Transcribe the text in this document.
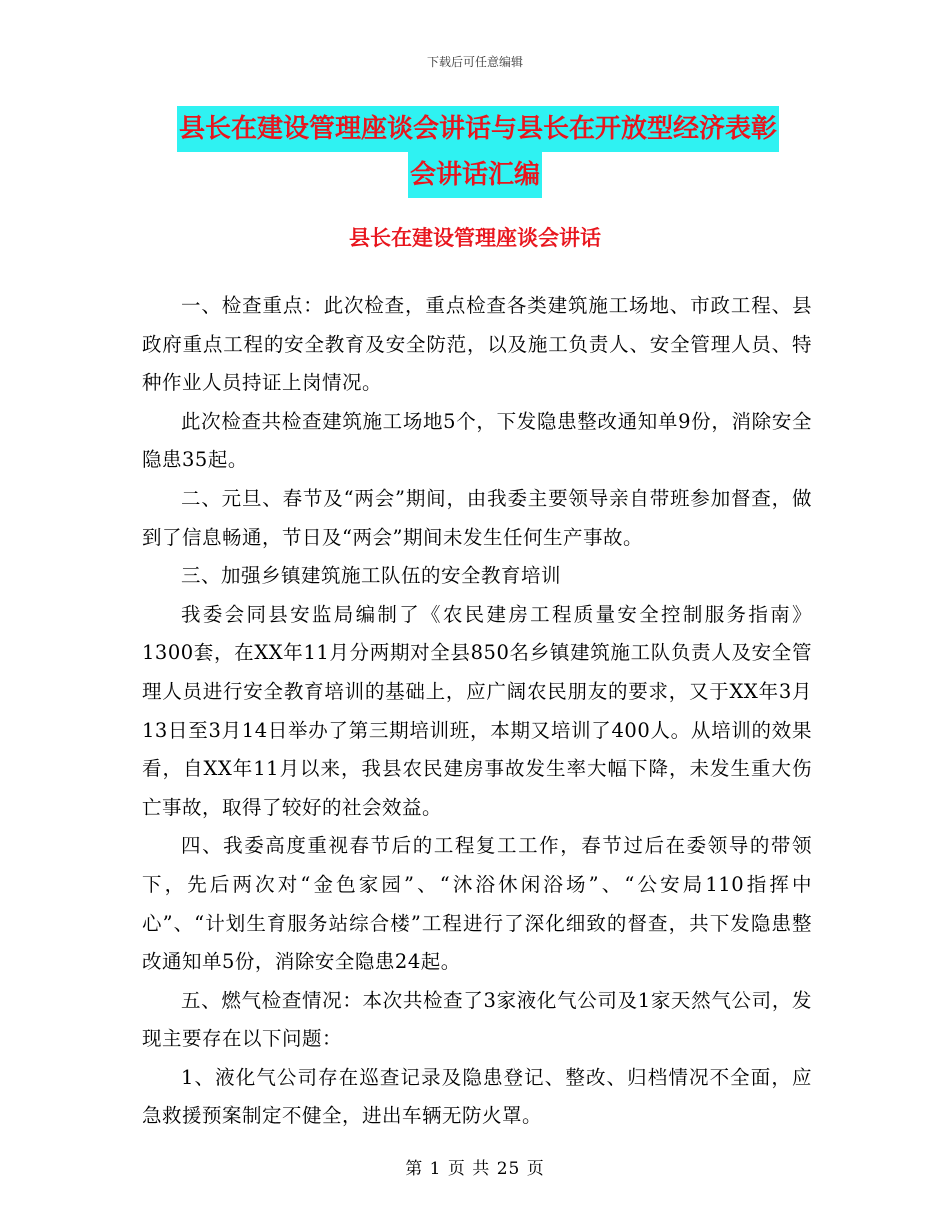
下载后可任意编辑
县长在建设管理座谈会讲话与县长在开放型经济表彰
会讲话汇编
县长在建设管理座谈会讲话

一、检查重点：此次检查，重点检查各类建筑施工场地、市政工程、县政府重点工程的安全教育及安全防范，以及施工负责人、安全管理人员、特种作业人员持证上岗情况。

此次检查共检查建筑施工场地5个，下发隐患整改通知单9份，消除安全隐患35起。

二、元旦、春节及“两会”期间，由我委主要领导亲自带班参加督查，做到了信息畅通，节日及“两会”期间未发生任何生产事故。

三、加强乡镇建筑施工队伍的安全教育培训

我委会同县安监局编制了《农民建房工程质量安全控制服务指南》1300套，在XX年11月分两期对全县850名乡镇建筑施工队负责人及安全管理人员进行安全教育培训的基础上，应广阔农民朋友的要求，又于XX年3月13日至3月14日举办了第三期培训班，本期又培训了400人。从培训的效果看，自XX年11月以来，我县农民建房事故发生率大幅下降，未发生重大伤亡事故，取得了较好的社会效益。

四、我委高度重视春节后的工程复工工作，春节过后在委领导的带领下，先后两次对“金色家园”、“沐浴休闲浴场”、“公安局110指挥中心”、“计划生育服务站综合楼”工程进行了深化细致的督查，共下发隐患整改通知单5份，消除安全隐患24起。

五、燃气检查情况：本次共检查了3家液化气公司及1家天然气公司，发现主要存在以下问题：

1、液化气公司存在巡查记录及隐患登记、整改、归档情况不全面，应急救援预案制定不健全，进出车辆无防火罩。

第 1 页 共 25 页
